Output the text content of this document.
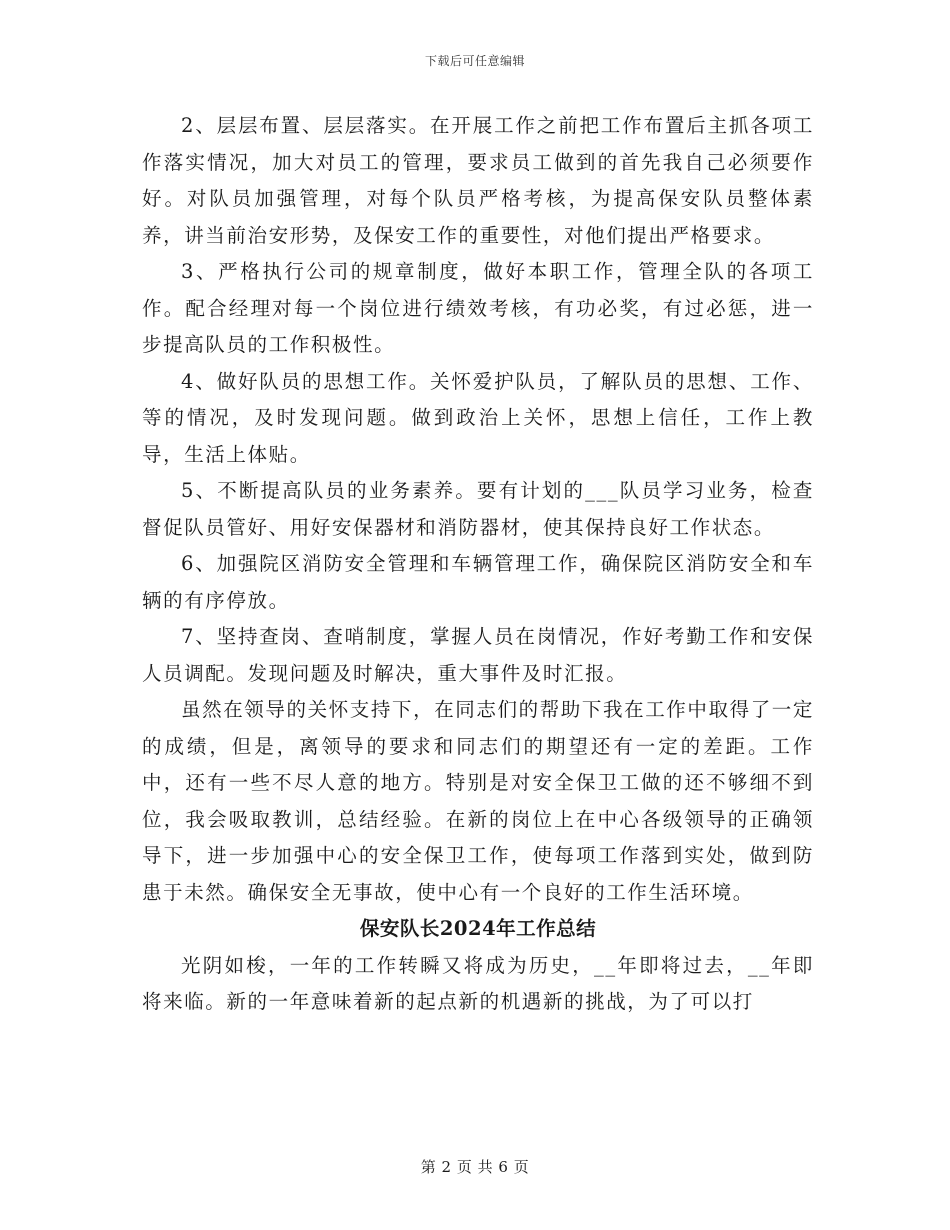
下载后可任意编辑

2、层层布置、层层落实。在开展工作之前把工作布置后主抓各项工作落实情况，加大对员工的管理，要求员工做到的首先我自己必须要作好。对队员加强管理，对每个队员严格考核，为提高保安队员整体素养，讲当前治安形势，及保安工作的重要性，对他们提出严格要求。

3、严格执行公司的规章制度，做好本职工作，管理全队的各项工作。配合经理对每一个岗位进行绩效考核，有功必奖，有过必惩，进一步提高队员的工作积极性。

4、做好队员的思想工作。关怀爱护队员，了解队员的思想、工作、等的情况，及时发现问题。做到政治上关怀，思想上信任，工作上教导，生活上体贴。

5、不断提高队员的业务素养。要有计划的___队员学习业务，检查督促队员管好、用好安保器材和消防器材，使其保持良好工作状态。

6、加强院区消防安全管理和车辆管理工作，确保院区消防安全和车辆的有序停放。

7、坚持查岗、查哨制度，掌握人员在岗情况，作好考勤工作和安保人员调配。发现问题及时解决，重大事件及时汇报。

虽然在领导的关怀支持下，在同志们的帮助下我在工作中取得了一定的成绩，但是，离领导的要求和同志们的期望还有一定的差距。工作中，还有一些不尽人意的地方。特别是对安全保卫工做的还不够细不到位，我会吸取教训，总结经验。在新的岗位上在中心各级领导的正确领导下，进一步加强中心的安全保卫工作，使每项工作落到实处，做到防患于未然。确保安全无事故，使中心有一个良好的工作生活环境。

保安队长2024年工作总结

光阴如梭，一年的工作转瞬又将成为历史，__年即将过去，__年即将来临。新的一年意味着新的起点新的机遇新的挑战，为了可以打

第 2 页 共 6 页
